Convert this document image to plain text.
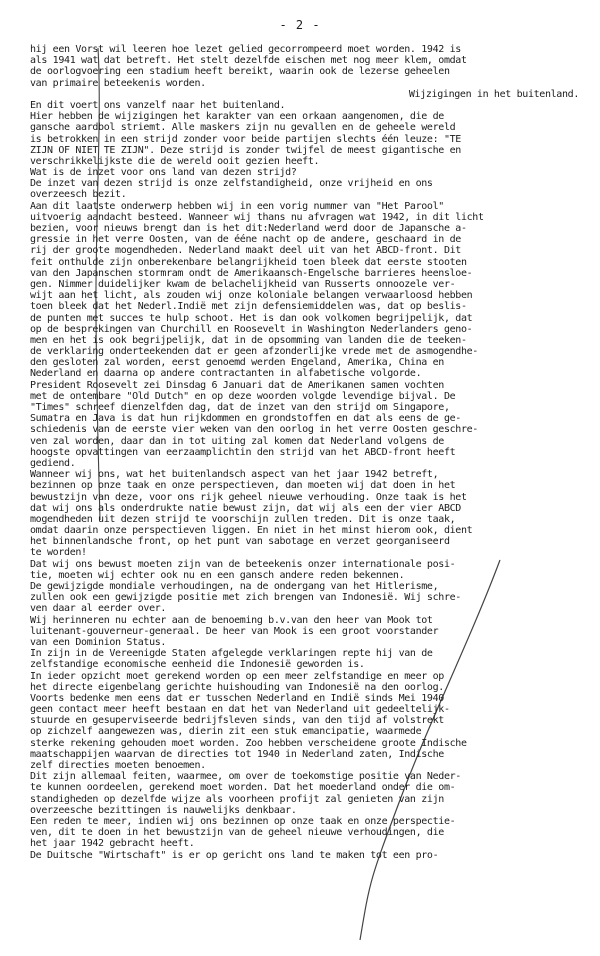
- 2 -
hij een Vorst wil leeren hoe lezet gelied gecorrompeerd moet worden. 1942 is
als 1941 wat dat betreft. Het stelt dezelfde eischen met nog meer klem, omdat
de oorlogvoering een stadium heeft bereikt, waarin ook de lezerse geheelen
van primaire beteekenis worden.
Wijzigingen in het buitenland.
En dit voert ons vanzelf naar het buitenland.
Hier hebben de wijzigingen het karakter van een orkaan aangenomen, die de
gansche aardbol striemt. Alle maskers zijn nu gevallen en de geheele wereld
is betrokken in een strijd zonder voor beide partijen slechts één leuze: "TE
ZIJN OF NIET TE ZIJN". Deze strijd is zonder twijfel de meest gigantische en
verschrikkelijkste die de wereld ooit gezien heeft.
Wat is de inzet voor ons land van dezen strijd?
De inzet van dezen strijd is onze zelfstandigheid, onze vrijheid en ons
overzeesch bezit.
Aan dit laatste onderwerp hebben wij in een vorig nummer van "Het Parool"
uitvoerig aandacht besteed. Wanneer wij thans nu afvragen wat 1942, in dit licht
bezien, voor nieuws brengt dan is het dit:Nederland werd door de Japansche a-
gressie in het verre Oosten, van de ééne nacht op de andere, geschaard in de
rij der groote mogendheden. Nederland maakt deel uit van het ABCD-front. Dit
feit onthulde zijn onberekenbare belangrijkheid toen bleek dat eerste stooten
van den Japanschen stormram ondt de Amerikaansch-Engelsche barrieres heensloe-
gen. Nimmer duidelijker kwam de belachelijkheid van Russerts onnoozele ver-
wijt aan het licht, als zouden wij onze koloniale belangen verwaarloosd hebben
toen bleek dat het Nederl.Indië met zijn defensiemiddelen was, dat op beslis-
de punten met succes te hulp schoot. Het is dan ook volkomen begrijpelijk, dat
op de besprekingen van Churchill en Roosevelt in Washington Nederlanders geno-
men en het is ook begrijpelijk, dat in de opsomming van landen die de teeken-
de verklaring onderteekenden dat er geen afzonderlijke vrede met de asmogendhe-
den gesloten zal worden, eerst genoemd werden Engeland, Amerika, China en
Nederland en daarna op andere contractanten in alfabetische volgorde.
President Roosevelt zei Dinsdag 6 Januari dat de Amerikanen samen vochten
met de ontembare "Old Dutch" en op deze woorden volgde levendige bijval. De
"Times" schreef dienzelfden dag, dat de inzet van den strijd om Singapore,
Sumatra en Java is dat hun rijkdommen en grondstoffen en dat als eens de ge-
schiedenis van de eerste vier weken van den oorlog in het verre Oosten geschre-
ven zal worden, daar dan in tot uiting zal komen dat Nederland volgens de
hoogste opvattingen van eerzaamplichtin den strijd van het ABCD-front heeft
gediend.
Wanneer wij ons, wat het buitenlandsch aspect van het jaar 1942 betreft,
bezinnen op onze taak en onze perspectieven, dan moeten wij dat doen in het
bewustzijn van deze, voor ons rijk geheel nieuwe verhouding. Onze taak is het
dat wij ons als onderdrukte natie bewust zijn, dat wij als een der vier ABCD
mogendheden uit dezen strijd te voorschijn zullen treden. Dit is onze taak,
omdat daarin onze perspectieven liggen. En niet in het minst hierom ook, dient
het binnenlandsche front, op het punt van sabotage en verzet georganiseerd
te worden!
Dat wij ons bewust moeten zijn van de beteekenis onzer internationale posi-
tie, moeten wij echter ook nu en een gansch andere reden bekennen.
De gewijzigde mondiale verhoudingen, na de ondergang van het Hitlerisme,
zullen ook een gewijzigde positie met zich brengen van Indonesië. Wij schre-
ven daar al eerder over.
Wij herinneren nu echter aan de benoeming b.v.van den heer van Mook tot
luitenant-gouverneur-generaal. De heer van Mook is een groot voorstander
van een Dominion Status.
In zijn in de Vereenigde Staten afgelegde verklaringen repte hij van de
zelfstandige economische eenheid die Indonesië geworden is.
In ieder opzicht moet gerekend worden op een meer zelfstandige en meer op
het directe eigenbelang gerichte huishouding van Indonesië na den oorlog.
Voorts bedenke men eens dat er tusschen Nederland en Indië sinds Mei 1940
geen contact meer heeft bestaan en dat het van Nederland uit gedeeltelijk-
stuurde en gesuperviseerde bedrijfsleven sinds, van den tijd af volstrekt
op zichzelf aangewezen was, dierin zit een stuk emancipatie, waarmede
sterke rekening gehouden moet worden. Zoo hebben verscheidene groote Indische
maatschappijen waarvan de directies tot 1940 in Nederland zaten, Indische
zelf directies moeten benoemen.
Dit zijn allemaal feiten, waarmee, om over de toekomstige positie van Neder-
te kunnen oordeelen, gerekend moet worden. Dat het moederland onder die om-
standigheden op dezelfde wijze als voorheen profijt zal genieten van zijn
overzeesche bezittingen is nauwelijks denkbaar.
Een reden te meer, indien wij ons bezinnen op onze taak en onze perspectie-
ven, dit te doen in het bewustzijn van de geheel nieuwe verhoudingen, die
het jaar 1942 gebracht heeft.
De Duitsche "Wirtschaft" is er op gericht ons land te maken tot een pro-
